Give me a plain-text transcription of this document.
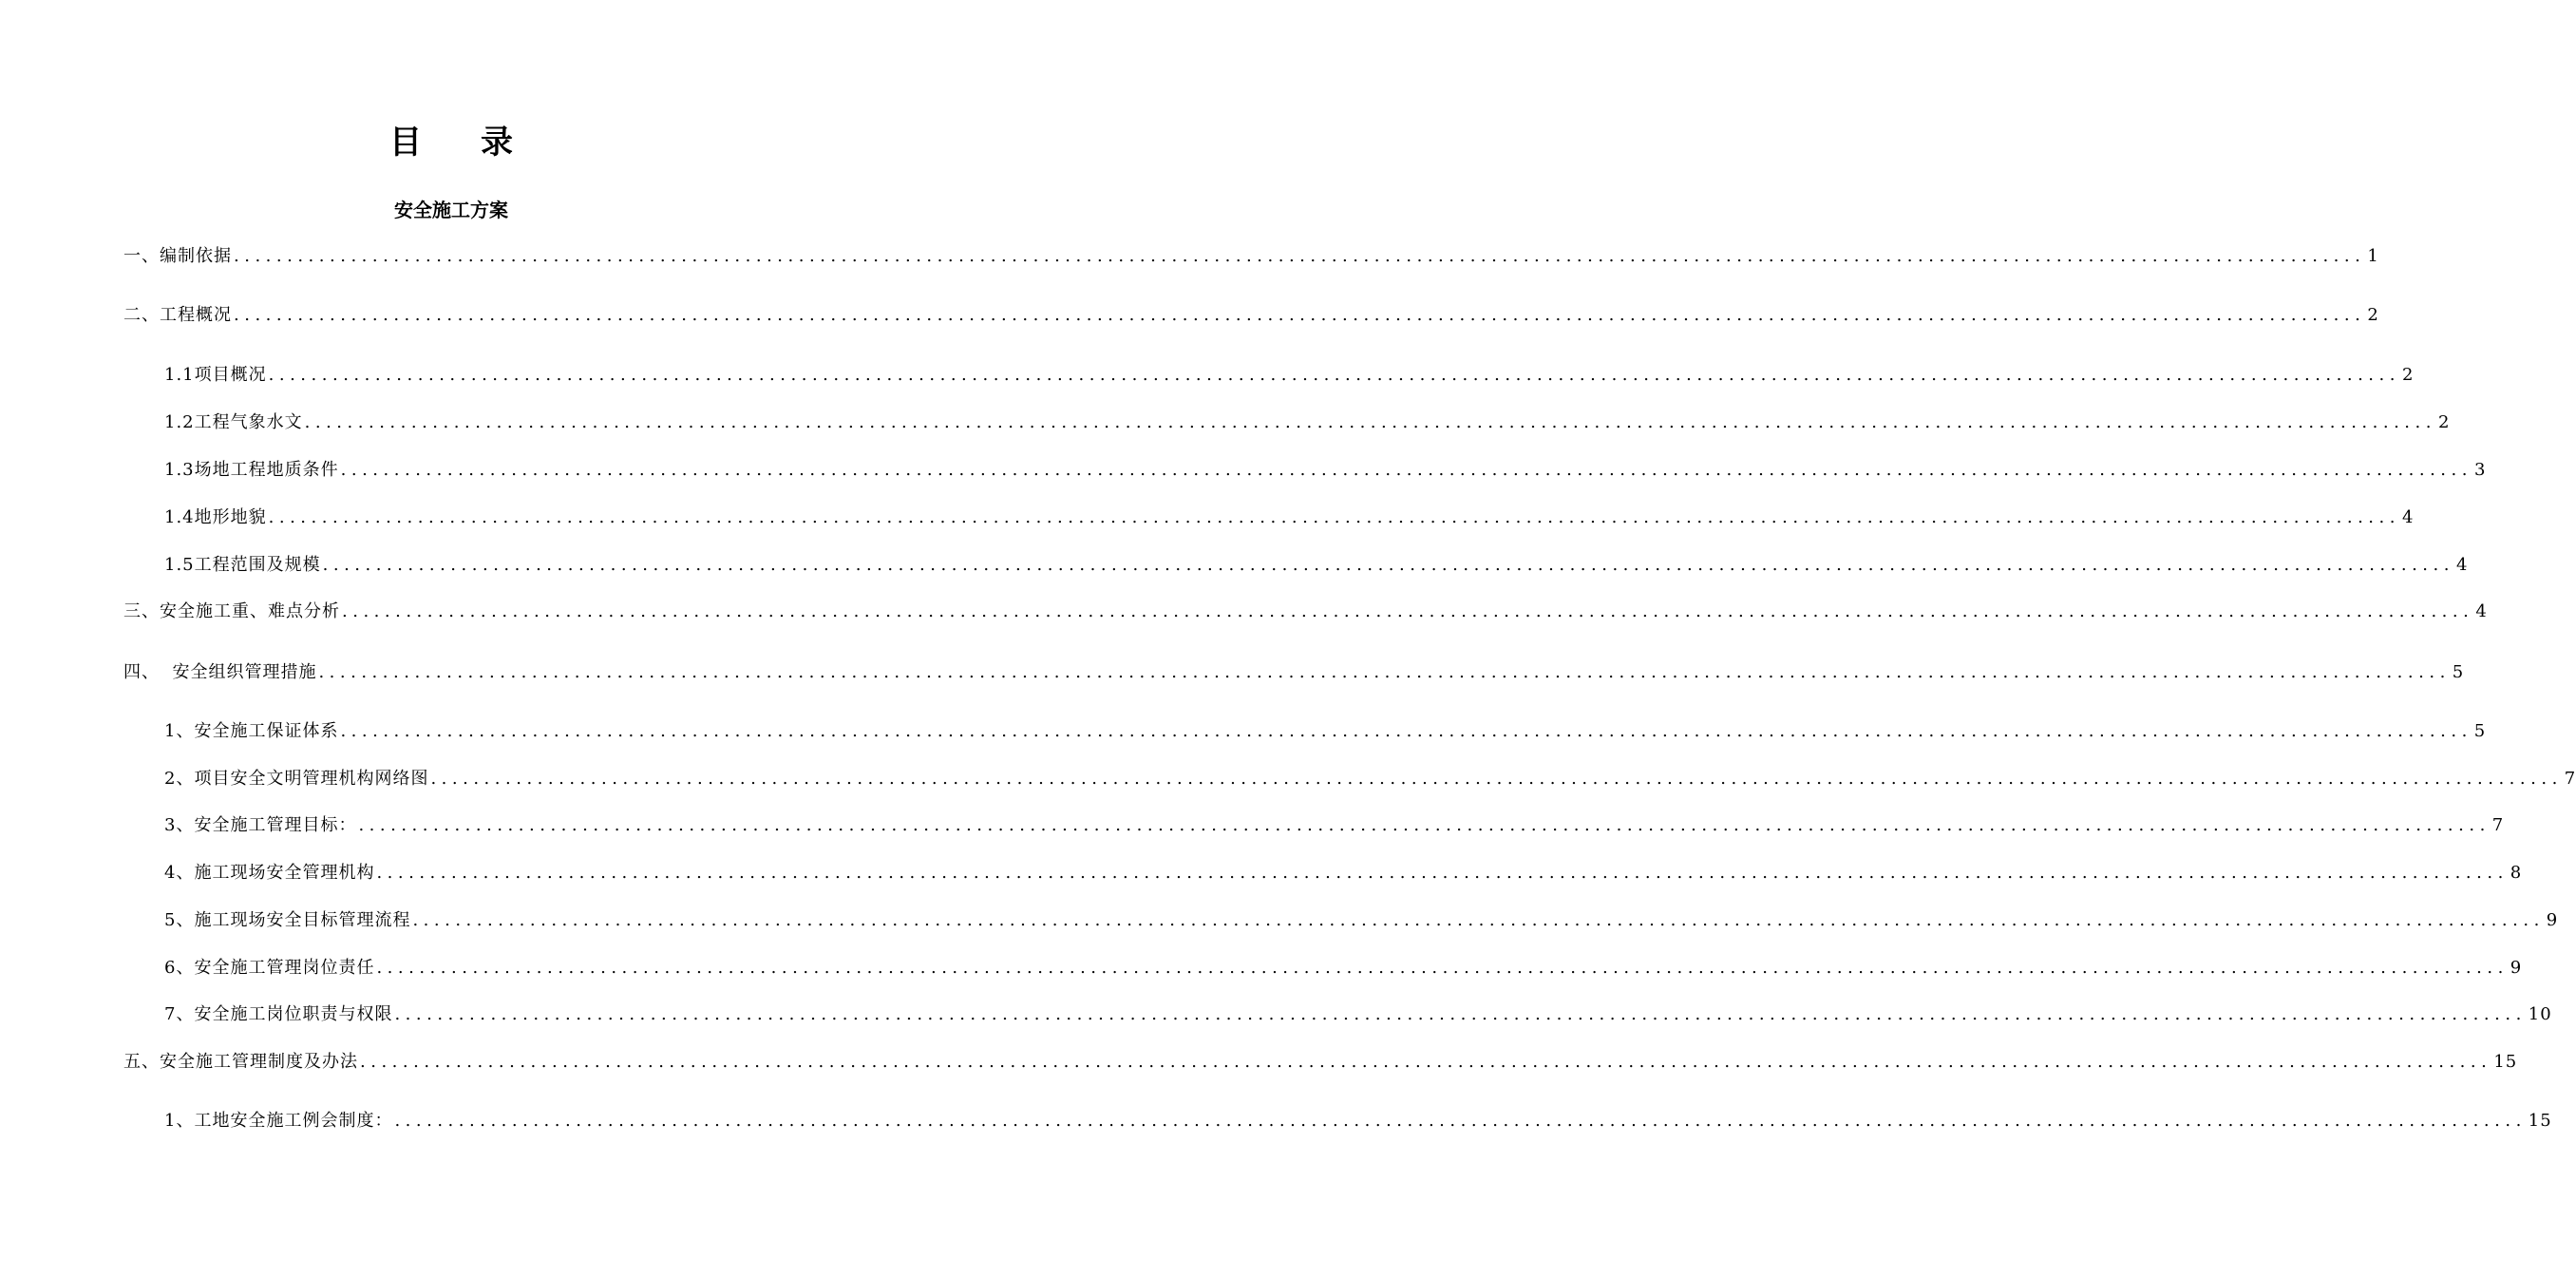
目 录
安全施工方案
一、编制依据 ........................................................................................................................................................................................................ 1
二、工程概况 ........................................................................................................................................................................................................ 2
1.1项目概况 ........................................................................................................................................................................................................ 2
1.2工程气象水文 ........................................................................................................................................................................................................ 2
1.3场地工程地质条件 ........................................................................................................................................................................................................ 3
1.4地形地貌 ........................................................................................................................................................................................................ 4
1.5工程范围及规模 ........................................................................................................................................................................................................ 4
三、安全施工重、难点分析 ........................................................................................................................................................................................................ 4
四、  安全组织管理措施 ........................................................................................................................................................................................................ 5
1、安全施工保证体系 ........................................................................................................................................................................................................ 5
2、项目安全文明管理机构网络图 ........................................................................................................................................................................................................ 7
3、安全施工管理目标： ........................................................................................................................................................................................................ 7
4、施工现场安全管理机构 ........................................................................................................................................................................................................ 8
5、施工现场安全目标管理流程 ........................................................................................................................................................................................................ 9
6、安全施工管理岗位责任 ........................................................................................................................................................................................................ 9
7、安全施工岗位职责与权限 ........................................................................................................................................................................................................ 10
五、安全施工管理制度及办法 ........................................................................................................................................................................................................ 15
1、工地安全施工例会制度： ........................................................................................................................................................................................................ 15
